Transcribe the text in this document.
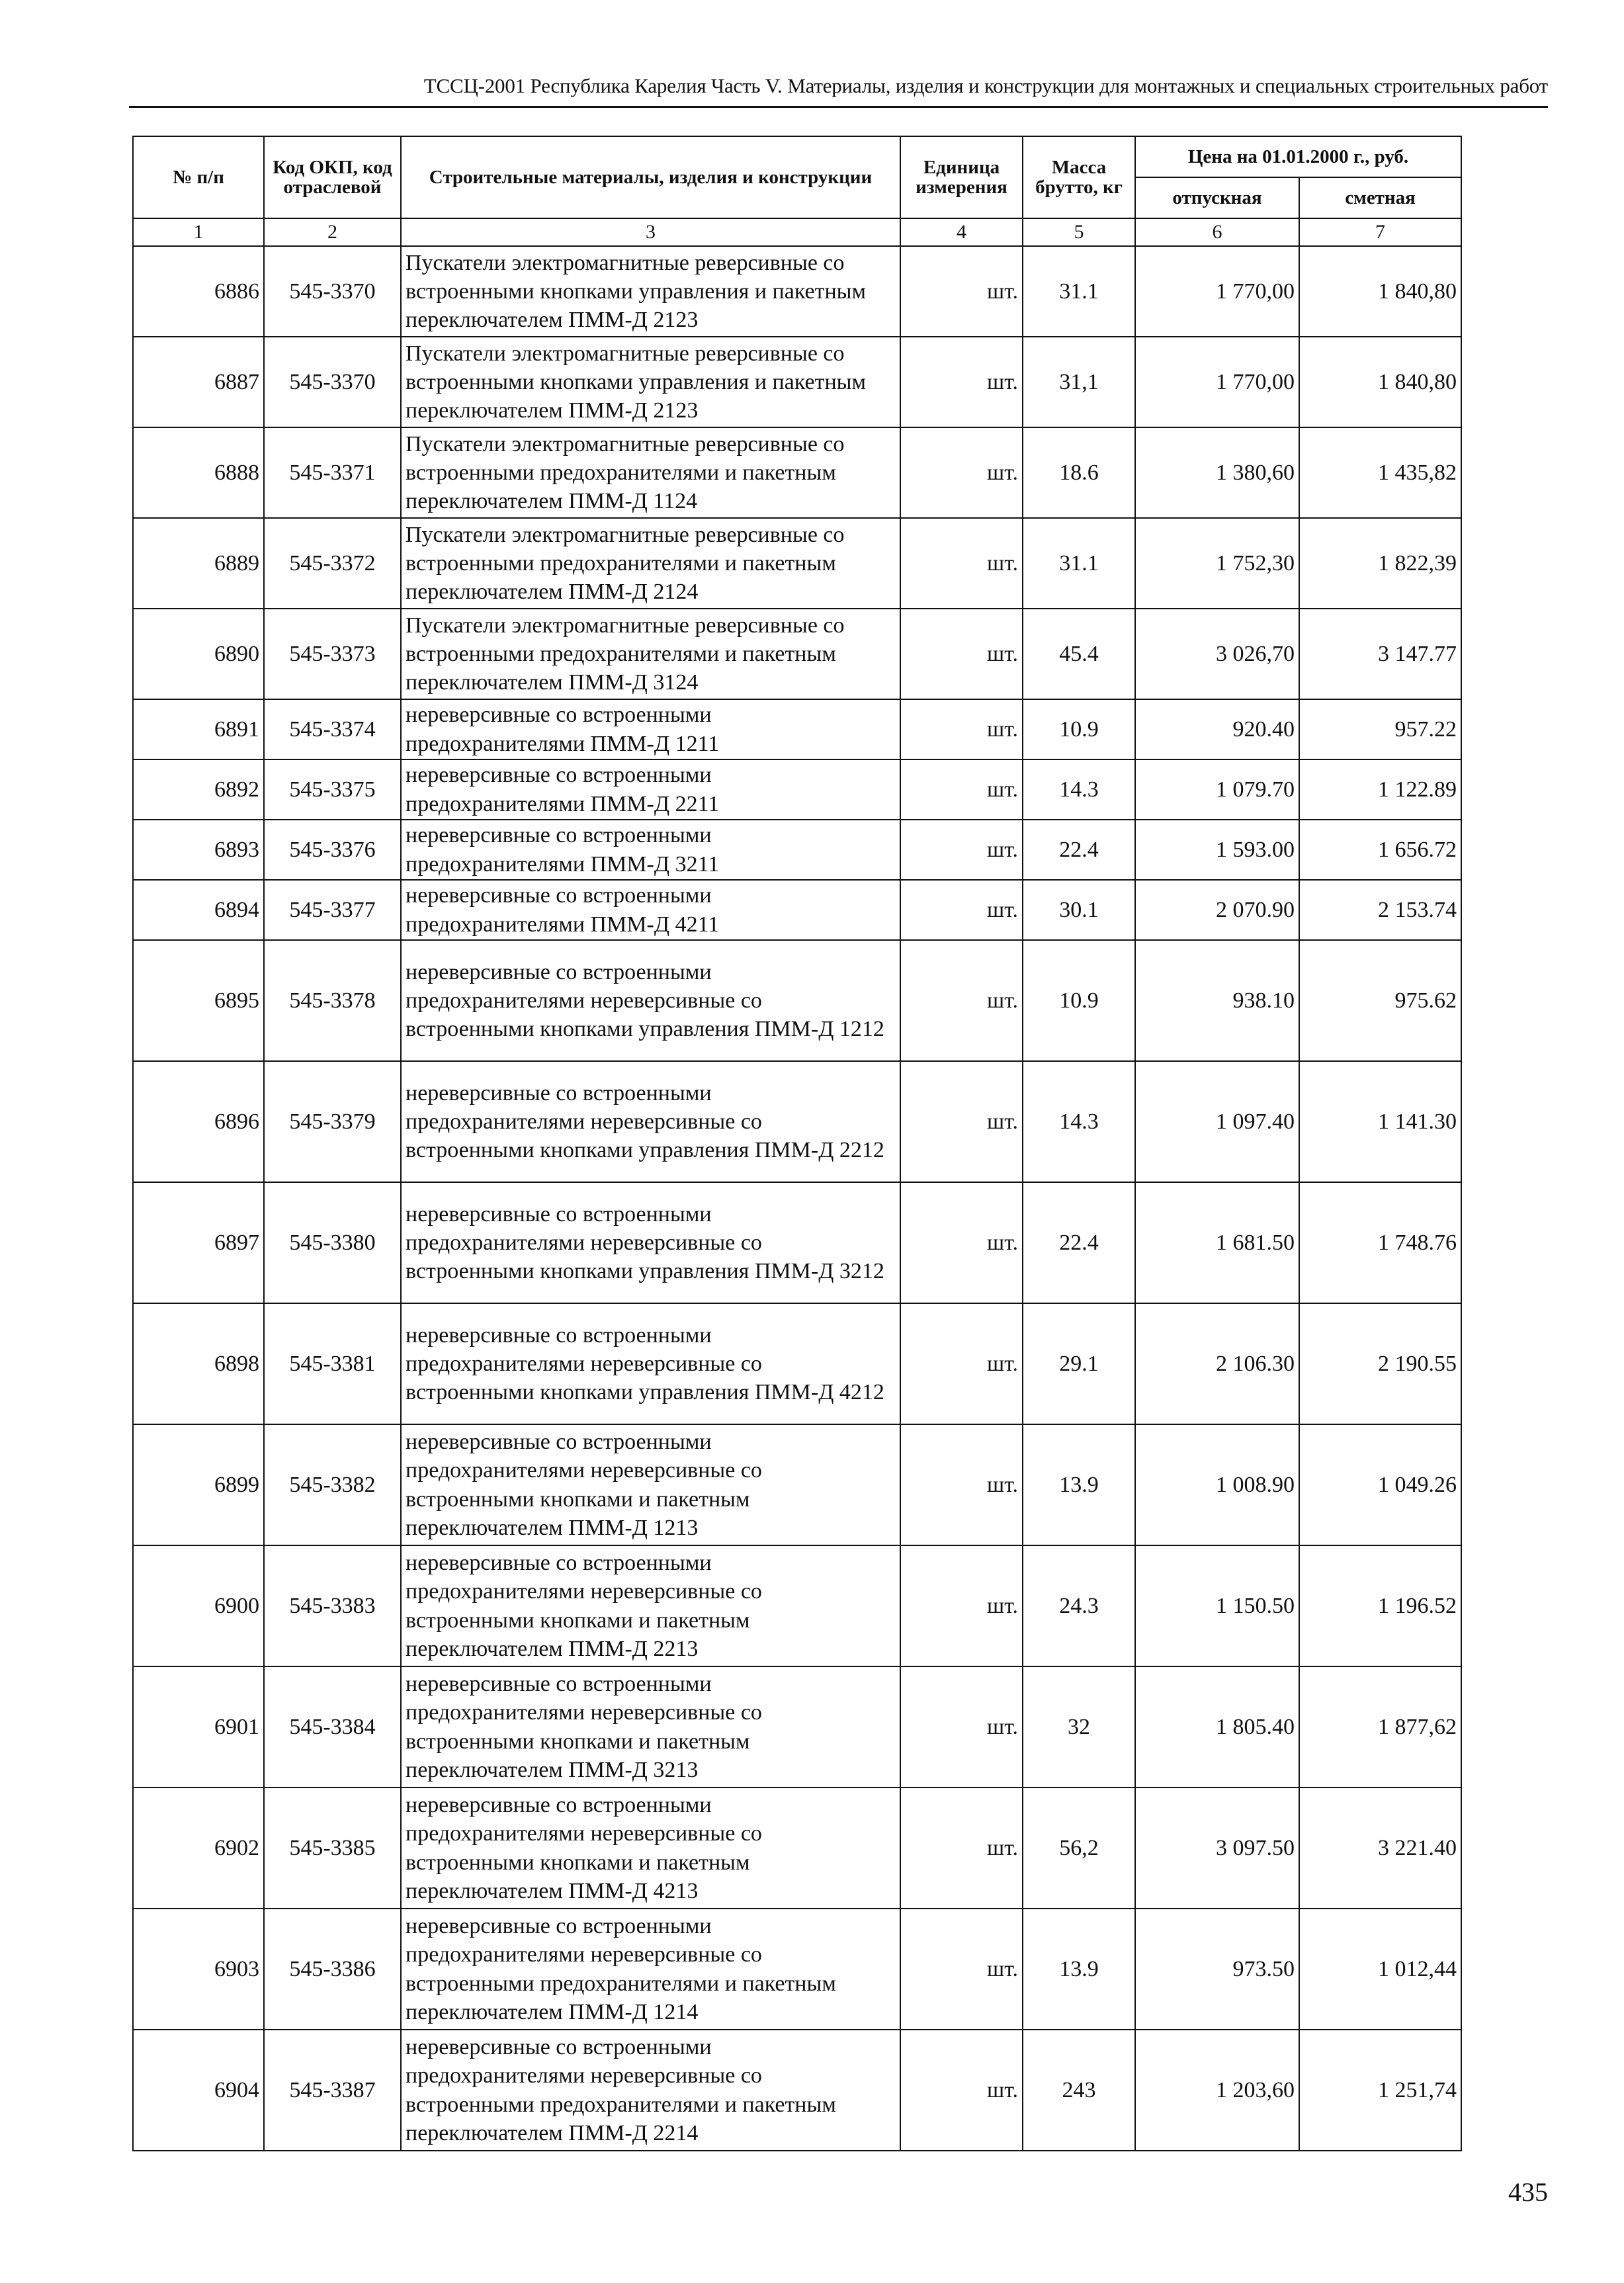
ТССЦ-2001 Республика Карелия Часть V. Материалы, изделия и конструкции для монтажных и специальных строительных работ
№ п/п	Код ОКП, код отраслевой	Строительные материалы, изделия и конструкции	Единица измерения	Масса брутто, кг	Цена на 01.01.2000 г., руб.	
					отпускная	сметная
1	2	3	4	5	6	7
6886	545-3370	Пускатели электромагнитные реверсивные со встроенными кнопками управления и пакетным переключателем ПММ-Д 2123	шт.	31.1	1 770,00	1 840,80
6887	545-3370	Пускатели электромагнитные реверсивные со встроенными кнопками управления и пакетным переключателем ПММ-Д 2123	шт.	31,1	1 770,00	1 840,80
6888	545-3371	Пускатели электромагнитные реверсивные со встроенными предохранителями и пакетным переключателем ПММ-Д 1124	шт.	18.6	1 380,60	1 435,82
6889	545-3372	Пускатели электромагнитные реверсивные со встроенными предохранителями и пакетным переключателем ПММ-Д 2124	шт.	31.1	1 752,30	1 822,39
6890	545-3373	Пускатели электромагнитные реверсивные со встроенными предохранителями и пакетным переключателем ПММ-Д 3124	шт.	45.4	3 026,70	3 147.77
6891	545-3374	нереверсивные со встроенными предохранителями ПММ-Д 1211	шт.	10.9	920.40	957.22
6892	545-3375	нереверсивные со встроенными предохранителями ПММ-Д 2211	шт.	14.3	1 079.70	1 122.89
6893	545-3376	нереверсивные со встроенными предохранителями ПММ-Д 3211	шт.	22.4	1 593.00	1 656.72
6894	545-3377	нереверсивные со встроенными предохранителями ПММ-Д 4211	шт.	30.1	2 070.90	2 153.74
6895	545-3378	нереверсивные со встроенными предохранителями нереверсивные со встроенными кнопками управления ПММ-Д 1212	шт.	10.9	938.10	975.62
6896	545-3379	нереверсивные со встроенными предохранителями нереверсивные со встроенными кнопками управления ПММ-Д 2212	шт.	14.3	1 097.40	1 141.30
6897	545-3380	нереверсивные со встроенными предохранителями нереверсивные со встроенными кнопками управления ПММ-Д 3212	шт.	22.4	1 681.50	1 748.76
6898	545-3381	нереверсивные со встроенными предохранителями нереверсивные со встроенными кнопками управления ПММ-Д 4212	шт.	29.1	2 106.30	2 190.55
6899	545-3382	нереверсивные со встроенными предохранителями нереверсивные со встроенными кнопками и пакетным переключателем ПММ-Д 1213	шт.	13.9	1 008.90	1 049.26
6900	545-3383	нереверсивные со встроенными предохранителями нереверсивные со встроенными кнопками и пакетным переключателем ПММ-Д 2213	шт.	24.3	1 150.50	1 196.52
6901	545-3384	нереверсивные со встроенными предохранителями нереверсивные со встроенными кнопками и пакетным переключателем ПММ-Д 3213	шт.	32	1 805.40	1 877,62
6902	545-3385	нереверсивные со встроенными предохранителями нереверсивные со встроенными кнопками и пакетным переключателем ПММ-Д 4213	шт.	56,2	3 097.50	3 221.40
6903	545-3386	нереверсивные со встроенными предохранителями нереверсивные со встроенными предохранителями и пакетным переключателем ПММ-Д 1214	шт.	13.9	973.50	1 012,44
6904	545-3387	нереверсивные со встроенными предохранителями нереверсивные со встроенными предохранителями и пакетным переключателем ПММ-Д 2214	шт.	243	1 203,60	1 251,74
435
